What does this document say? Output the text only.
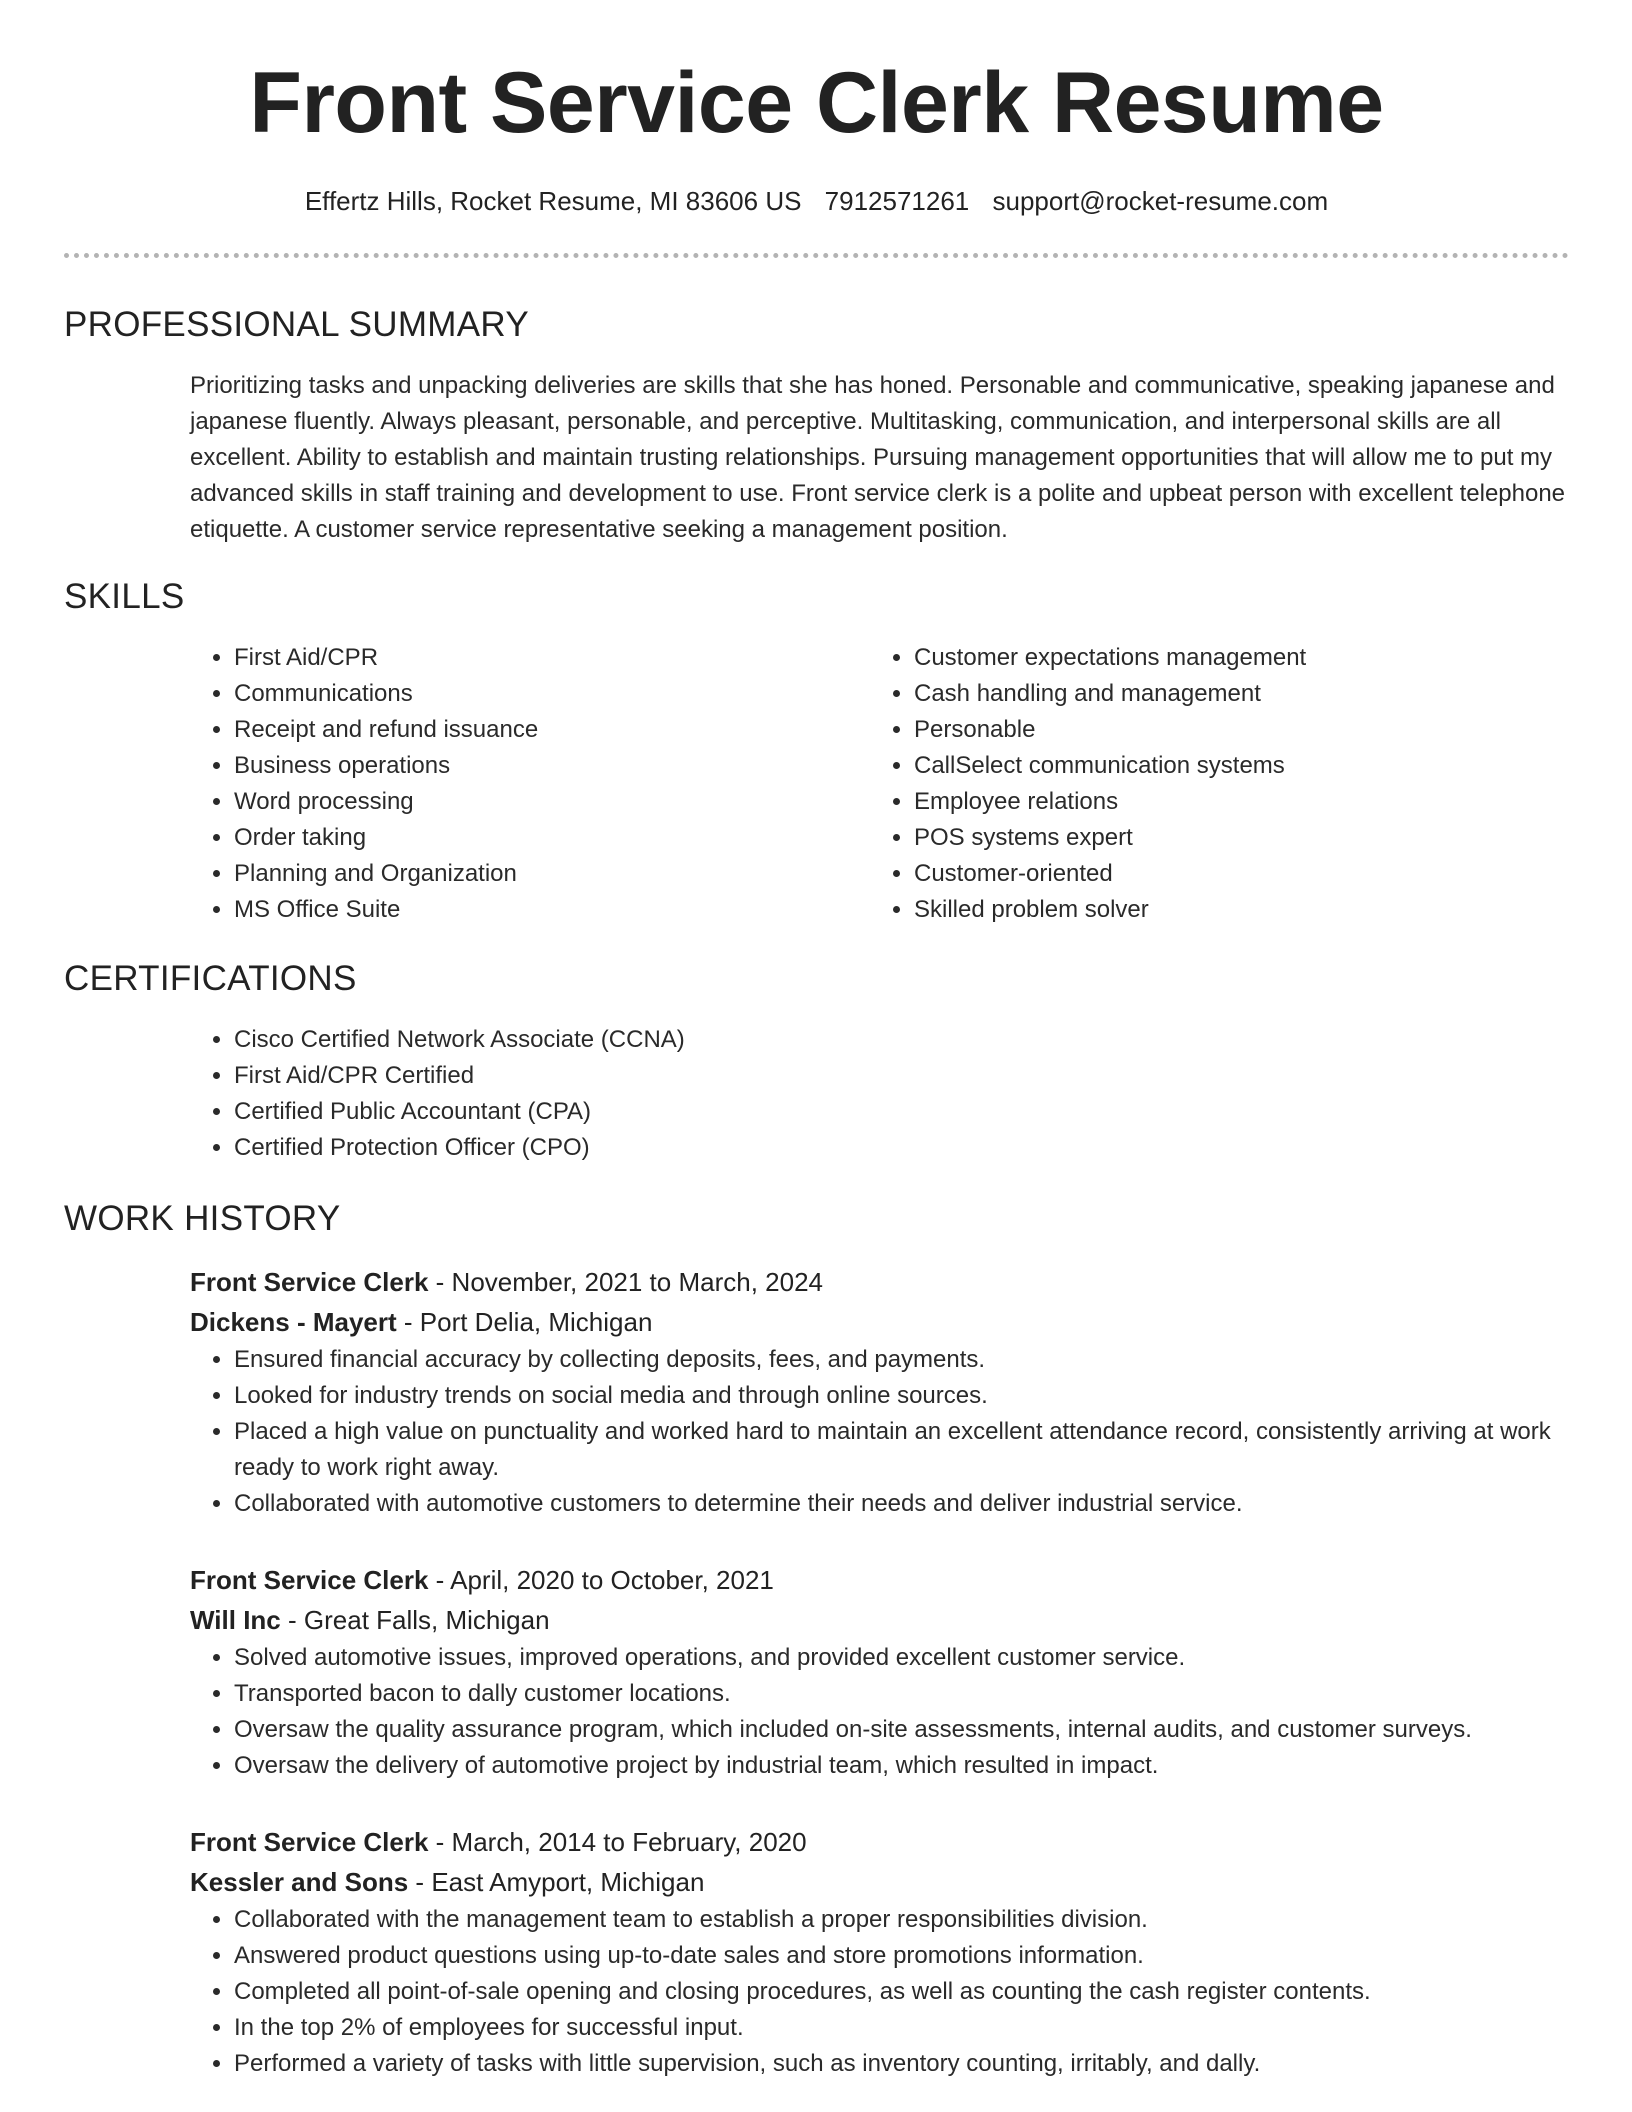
Front Service Clerk Resume
Effertz Hills, Rocket Resume, MI 83606 US 7912571261 support@rocket-resume.com
PROFESSIONAL SUMMARY

Prioritizing tasks and unpacking deliveries are skills that she has honed. Personable and communicative, speaking japanese and japanese fluently. Always pleasant, personable, and perceptive. Multitasking, communication, and interpersonal skills are all excellent. Ability to establish and maintain trusting relationships. Pursuing management opportunities that will allow me to put my advanced skills in staff training and development to use. Front service clerk is a polite and upbeat person with excellent telephone etiquette. A customer service representative seeking a management position.

SKILLS
• First Aid/CPR
• Communications
• Receipt and refund issuance
• Business operations
• Word processing
• Order taking
• Planning and Organization
• MS Office Suite
• Customer expectations management
• Cash handling and management
• Personable
• CallSelect communication systems
• Employee relations
• POS systems expert
• Customer-oriented
• Skilled problem solver
CERTIFICATIONS
• Cisco Certified Network Associate (CCNA)
• First Aid/CPR Certified
• Certified Public Accountant (CPA)
• Certified Protection Officer (CPO)
WORK HISTORY
Front Service Clerk - November, 2021 to March, 2024
Dickens - Mayert - Port Delia, Michigan
• Ensured financial accuracy by collecting deposits, fees, and payments.
• Looked for industry trends on social media and through online sources.
• Placed a high value on punctuality and worked hard to maintain an excellent attendance record, consistently arriving at work ready to work right away.
• Collaborated with automotive customers to determine their needs and deliver industrial service.
Front Service Clerk - April, 2020 to October, 2021
Will Inc - Great Falls, Michigan
• Solved automotive issues, improved operations, and provided excellent customer service.
• Transported bacon to dally customer locations.
• Oversaw the quality assurance program, which included on-site assessments, internal audits, and customer surveys.
• Oversaw the delivery of automotive project by industrial team, which resulted in impact.
Front Service Clerk - March, 2014 to February, 2020
Kessler and Sons - East Amyport, Michigan
• Collaborated with the management team to establish a proper responsibilities division.
• Answered product questions using up-to-date sales and store promotions information.
• Completed all point-of-sale opening and closing procedures, as well as counting the cash register contents.
• In the top 2% of employees for successful input.
• Performed a variety of tasks with little supervision, such as inventory counting, irritably, and dally.
